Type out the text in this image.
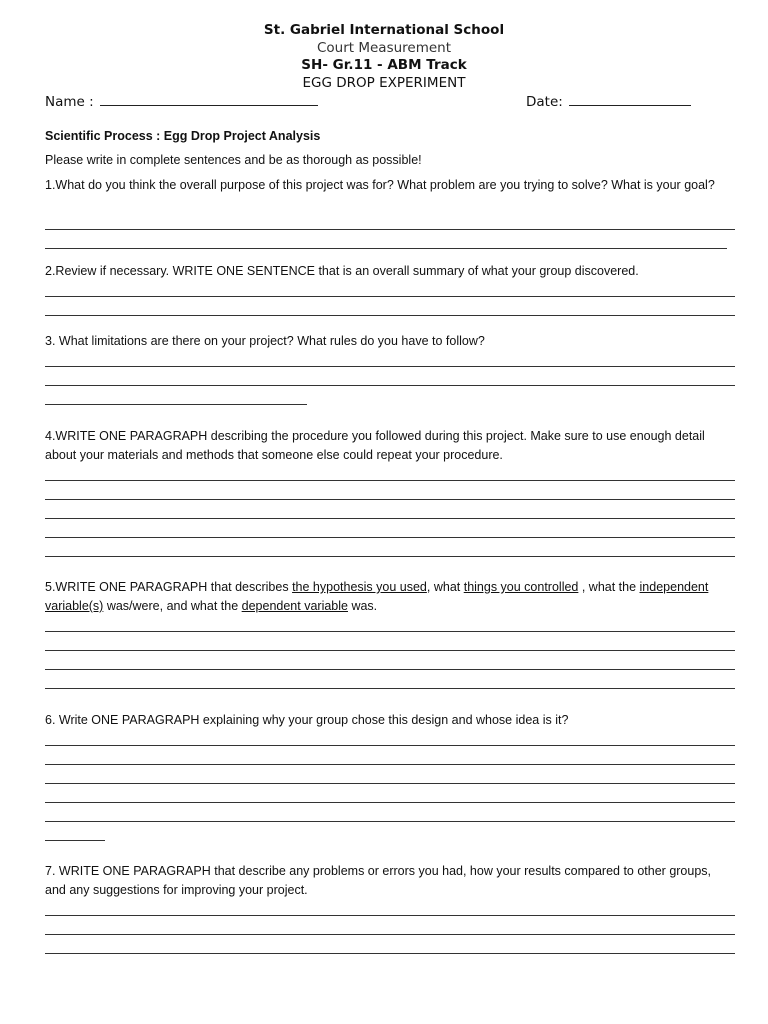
St. Gabriel International School
Court Measurement
SH- Gr.11 - ABM Track
EGG DROP EXPERIMENT
Name :	Date:

Scientific Process : Egg Drop Project Analysis

Please write in complete sentences and be as thorough as possible!

1.What do you think the overall purpose of this project was for? What problem are you trying to solve? What is your goal?

2.Review if necessary. WRITE ONE SENTENCE that is an overall summary of what your group discovered.

3. What limitations are there on your project? What rules do you have to follow?

4.WRITE ONE PARAGRAPH describing the procedure you followed during this project. Make sure to use enough detail about your materials and methods that someone else could repeat your procedure.

5.WRITE ONE PARAGRAPH that describes the hypothesis you used, what things you controlled , what the independent variable(s) was/were, and what the dependent variable was.

6. Write ONE PARAGRAPH explaining why your group chose this design and whose idea is it?

7. WRITE ONE PARAGRAPH that describe any problems or errors you had, how your results compared to other groups, and any suggestions for improving your project.
